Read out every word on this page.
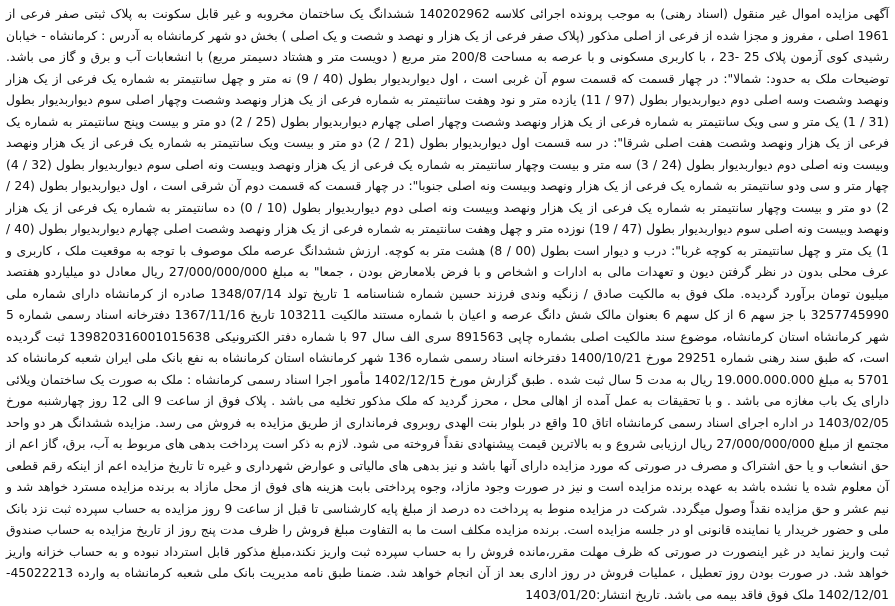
آگهی مزایده اموال غیر منقول (اسناد رهنی) به موجب پرونده اجرائی کلاسه 140202962 ششدانگ یک ساختمان مخروبه و غیر قابل سکونت به پلاک ثبتی صفر فرعی از 1961 اصلی ، مفروز و مجزا شده از فرعی از اصلی مذکور (پلاک صفر فرعی از یک هزار و نهصد و شصت و یک اصلی ) بخش دو شهر کرمانشاه به آدرس : کرمانشاه - خیابان رشیدی کوی آزمون پلاک 25 -23 ، با کاربری مسکونی و با عرصه به مساحت 200/8 متر مربع ( دویست متر و هشتاد دسیمتر مربع) با انشعابات آب و برق و گاز می باشد. توضیحات ملک به حدود: شمالا": در چهار قسمت که قسمت سوم آن غربی است ، اول دیواربدیوار بطول (40 / 9) نه متر و چهل سانتیمتر به شماره یک فرعی از یک هزار ونهصد وشصت وسه اصلی دوم دیواربدیوار بطول (97 / 11) یازده متر و نود وهفت سانتیمتر به شماره فرعی از یک هزار ونهصد وشصت وچهار اصلی سوم دیواربدیوار بطول (31 / 1) یک متر و سی ویک سانتیمتر به شماره فرعی از یک هزار ونهصد وشصت وچهار اصلی چهارم دیواربدیوار بطول (25 / 2) دو متر و بیست وپنج سانتیمتر به شماره یک فرعی از یک هزار ونهصد وشصت هفت اصلی شرقا": در سه قسمت اول دیواربدیوار بطول (21 / 2) دو متر و بیست ویک سانتیمتر به شماره یک فرعی از یک هزار ونهصد وبیست ونه اصلی دوم دیواربدیوار بطول (24 / 3) سه متر و بیست وچهار سانتیمتر به شماره یک فرعی از یک هزار ونهصد وبیست ونه اصلی سوم دیواربدیوار بطول (32 / 4) چهار متر و سی ودو سانتیمتر به شماره یک فرعی از یک هزار ونهصد وبیست ونه اصلی جنوبا": در چهار قسمت که قسمت دوم آن شرقی است ، اول دیواربدیوار بطول (24 / 2) دو متر و بیست وچهار سانتیمتر به شماره یک فرعی از یک هزار ونهصد وبیست ونه اصلی دوم دیواربدیوار بطول (10 / 0) ده سانتیمتر به شماره یک فرعی از یک هزار ونهصد وبیست ونه اصلی سوم دیواربدیوار بطول (47 / 19) نوزده متر و چهل وهفت سانتیمتر به شماره فرعی از یک هزار ونهصد وشصت اصلی چهارم دیواربدیوار بطول (40 / 1) یک متر و چهل سانتیمتر به کوچه غربا": درب و دیوار است بطول (00 / 8) هشت متر به کوچه. ارزش ششدانگ عرصه ملک موصوف با توجه به موقعیت ملک ، کاربری و عرف محلی بدون در نظر گرفتن دیون و تعهدات مالی به ادارات و اشخاص و با فرض بلامعارض بودن ، جمعا" به مبلغ 27/000/000/000 ریال معادل دو میلیاردو هفتصد میلیون تومان برآورد گردیده. ملک فوق به مالکیت صادق / زنگیه وندی فرزند حسین شماره شناسنامه 1 تاریخ تولد 1348/07/14 صادره از کرمانشاه دارای شماره ملی 3257745990 با جز سهم 6 از کل سهم 6 بعنوان مالک شش دانگ عرصه و اعیان با شماره مستند مالکیت 103211 تاریخ 1367/11/16 دفترخانه اسناد رسمی شماره 5 شهر کرمانشاه استان کرمانشاه، موضوع سند مالکیت اصلی بشماره چاپی 891563 سری الف سال 97 با شماره دفتر الکترونیکی 139820316001015638 ثبت گردیده است، که طبق سند رهنی شماره 29251 مورخ 1400/10/21 دفترخانه اسناد رسمی شماره 136 شهر کرمانشاه استان کرمانشاه به نفع بانک ملی ایران شعبه کرمانشاه کد 5701 به مبلغ 19.000.000.000 ریال به مدت 5 سال ثبت شده . طبق گزارش مورخ 1402/12/15 مأمور اجرا اسناد رسمی کرمانشاه : ملک به صورت یک ساختمان ویلائی دارای یک باب مغازه می باشد . و با تحقیقات به عمل آمده از اهالی محل ، محرز گردید که ملک مذکور تخلیه می باشد . پلاک فوق از ساعت 9 الی 12 روز چهارشنبه مورخ 1403/02/05 در اداره اجرای اسناد رسمی کرمانشاه اتاق 10 واقع در بلوار بنت الهدی روبروی فرمانداری از طریق مزایده به فروش می رسد. مزایده ششدانگ هر دو واحد مجتمع از مبلغ 27/000/000/000 ریال ارزیابی شروع و به بالاترین قیمت پیشنهادی نقداً فروخته می شود. لازم به ذکر است پرداخت بدهی های مربوط به آب، برق، گاز اعم از حق انشعاب و یا حق اشتراک و مصرف در صورتی که مورد مزایده دارای آنها باشد و نیز بدهی های مالیاتی و عوارض شهرداری و غیره تا تاریخ مزایده اعم از اینکه رقم قطعی آن معلوم شده یا نشده باشد به عهده برنده مزایده است و نیز در صورت وجود مازاد، وجوه پرداختی بابت هزینه های فوق از محل مازاد به برنده مزایده مسترد خواهد شد و نیم عشر و حق مزایده نقداً وصول میگردد. شرکت در مزایده منوط به پرداخت ده درصد از مبلغ پایه کارشناسی تا قبل از ساعت 9 روز مزایده به حساب سپرده ثبت نزد بانک ملی و حضور خریدار یا نماینده قانونی او در جلسه مزایده است. برنده مزایده مکلف است ما به التفاوت مبلغ فروش را ظرف مدت پنج روز از تاریخ مزایده به حساب صندوق ثبت واریز نماید در غیر اینصورت در صورتی که ظرف مهلت مقرر،مانده فروش را به حساب سپرده ثبت واریز نکند،مبلغ مذکور قابل استرداد نبوده و به حساب خزانه واریز خواهد شد. در صورت بودن روز تعطیل ، عملیات فروش در روز اداری بعد از آن انجام خواهد شد. ضمنا طبق نامه مدیریت بانک ملی شعبه کرمانشاه به وارده 45022213-1402/12/01 ملک فوق فاقد بیمه می باشد. تاریخ انتشار:1403/01/20
